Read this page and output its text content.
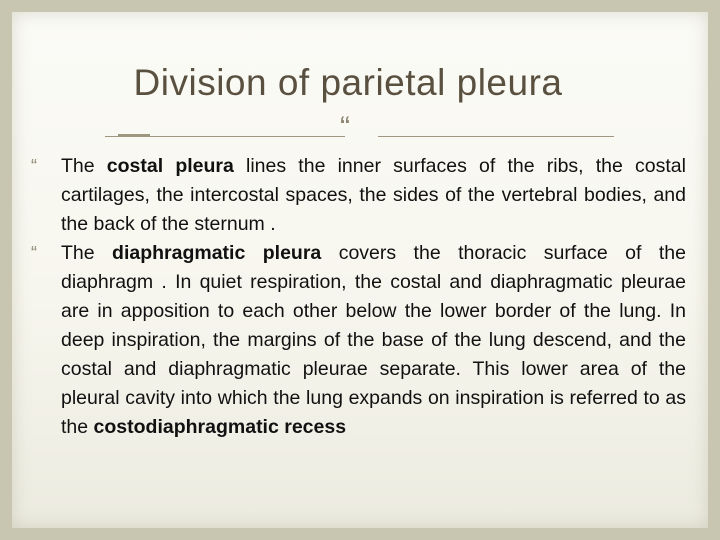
Division of parietal pleura
“

“ The costal pleura lines the inner surfaces of the ribs, the costal cartilages, the intercostal spaces, the sides of the vertebral bodies, and the back of the sternum .

“ The diaphragmatic pleura covers the thoracic surface of the diaphragm . In quiet respiration, the costal and diaphragmatic pleurae are in apposition to each other below the lower border of the lung. In deep inspiration, the margins of the base of the lung descend, and the costal and diaphragmatic pleurae separate. This lower area of the pleural cavity into which the lung expands on inspiration is referred to as the costodiaphragmatic recess
